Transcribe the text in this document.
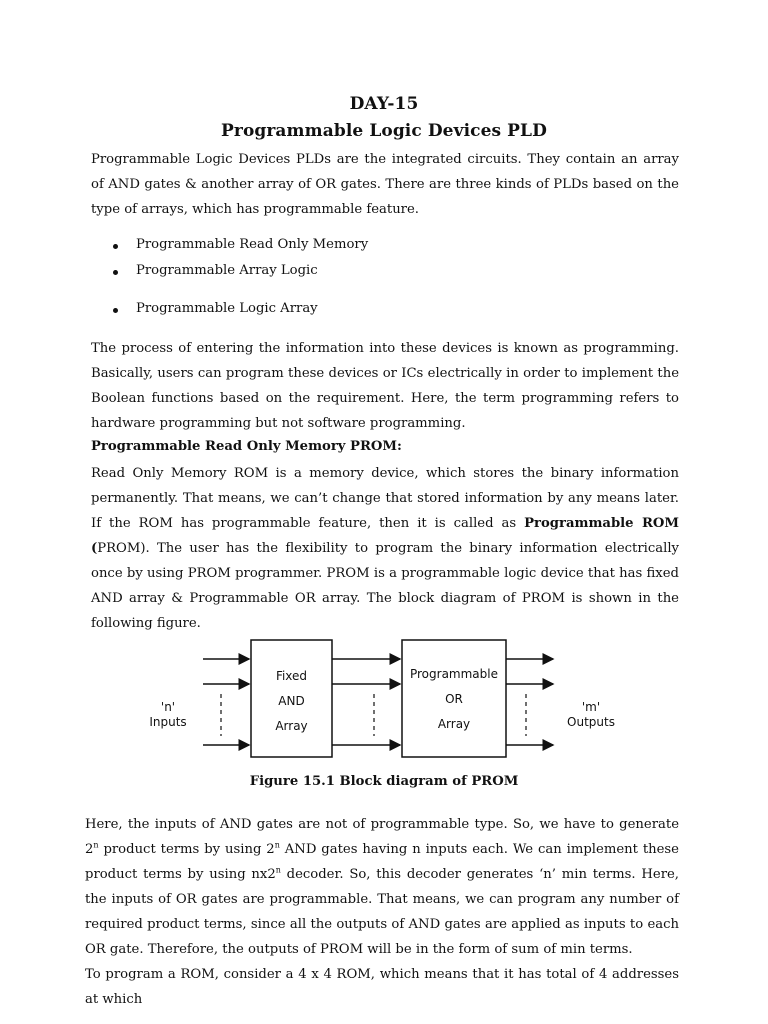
DAY-15
Programmable Logic Devices PLD
Programmable Logic Devices PLDs are the integrated circuits. They contain an array of AND gates & another array of OR gates. There are three kinds of PLDs based on the type of arrays, which has programmable feature.
Programmable Read Only Memory
Programmable Array Logic
Programmable Logic Array
The process of entering the information into these devices is known as programming. Basically, users can program these devices or ICs electrically in order to implement the Boolean functions based on the requirement. Here, the term programming refers to hardware programming but not software programming.
Programmable Read Only Memory PROM:
Read Only Memory ROM is a memory device, which stores the binary information permanently. That means, we can’t change that stored information by any means later. If the ROM has programmable feature, then it is called as Programmable ROM (PROM). The user has the flexibility to program the binary information electrically once by using PROM programmer. PROM is a programmable logic device that has fixed AND array & Programmable OR array. The block diagram of PROM is shown in the following figure.
'n'
Inputs
Fixed
AND
Array
Programmable
OR
Array
'm'
Outputs
Figure 15.1 Block diagram of PROM
Here, the inputs of AND gates are not of programmable type. So, we have to generate 2$^n$ product terms by using 2$^n$ AND gates having n inputs each. We can implement these product terms by using nx2$^n$ decoder. So, this decoder generates ‘n’ min terms. Here, the inputs of OR gates are programmable. That means, we can program any number of required product terms, since all the outputs of AND gates are applied as inputs to each OR gate. Therefore, the outputs of PROM will be in the form of sum of min terms.
To program a ROM, consider a 4 x 4 ROM, which means that it has total of 4 addresses at which
